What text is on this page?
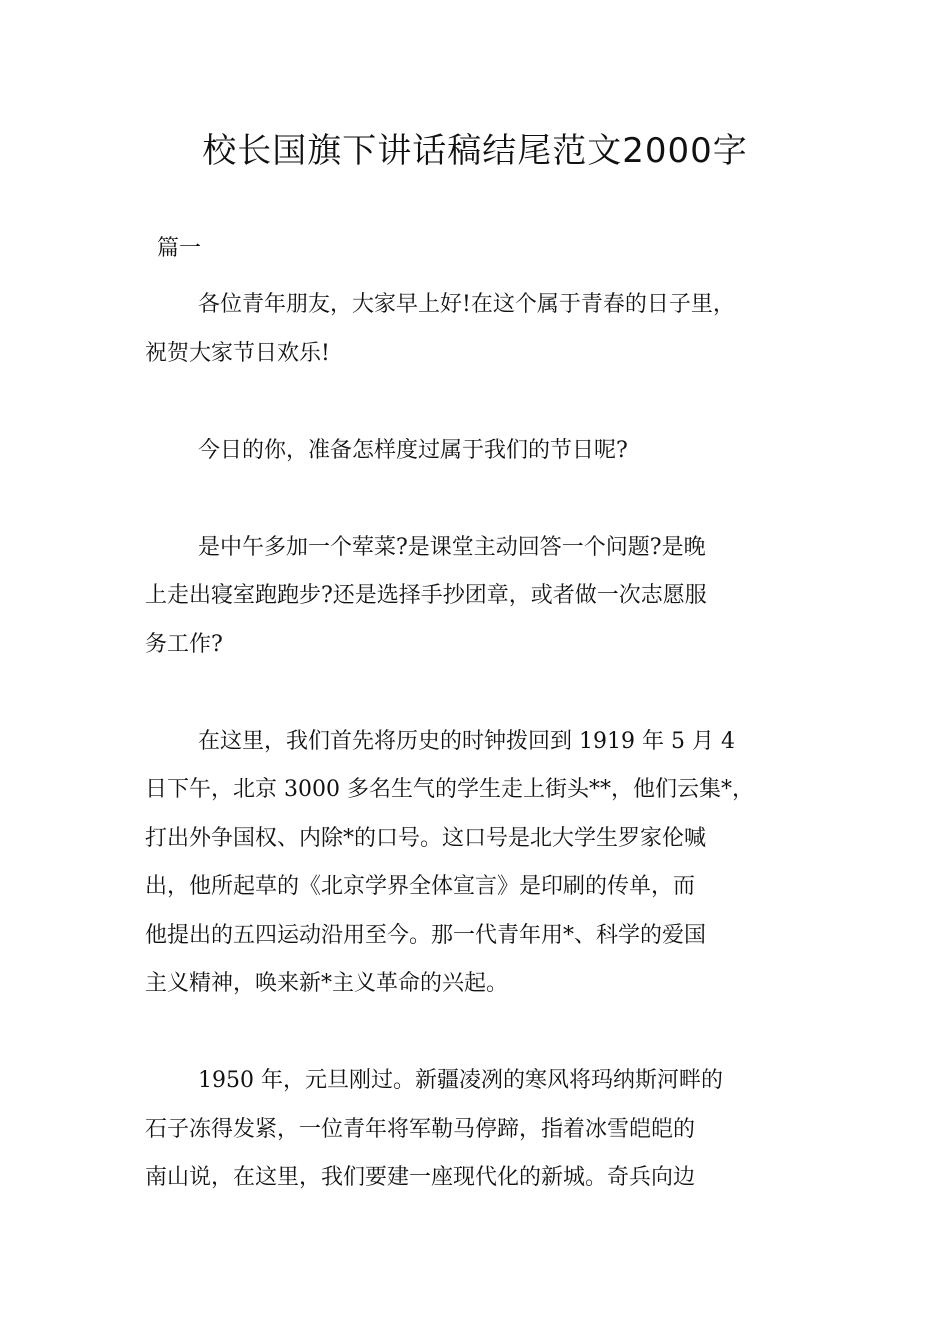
校长国旗下讲话稿结尾范文2000字
篇一
各位青年朋友，大家早上好!在这个属于青春的日子里，
祝贺大家节日欢乐!
今日的你，准备怎样度过属于我们的节日呢?
是中午多加一个荤菜?是课堂主动回答一个问题?是晚
上走出寝室跑跑步?还是选择手抄团章，或者做一次志愿服
务工作?
在这里，我们首先将历史的时钟拨回到 1919 年 5 月 4
日下午，北京 3000 多名生气的学生走上街头**，他们云集*，
打出外争国权、内除*的口号。这口号是北大学生罗家伦喊
出，他所起草的《北京学界全体宣言》是印刷的传单，而
他提出的五四运动沿用至今。那一代青年用*、科学的爱国
主义精神，唤来新*主义革命的兴起。
1950 年，元旦刚过。新疆凌冽的寒风将玛纳斯河畔的
石子冻得发紧，一位青年将军勒马停蹄，指着冰雪皑皑的
南山说，在这里，我们要建一座现代化的新城。奇兵向边
